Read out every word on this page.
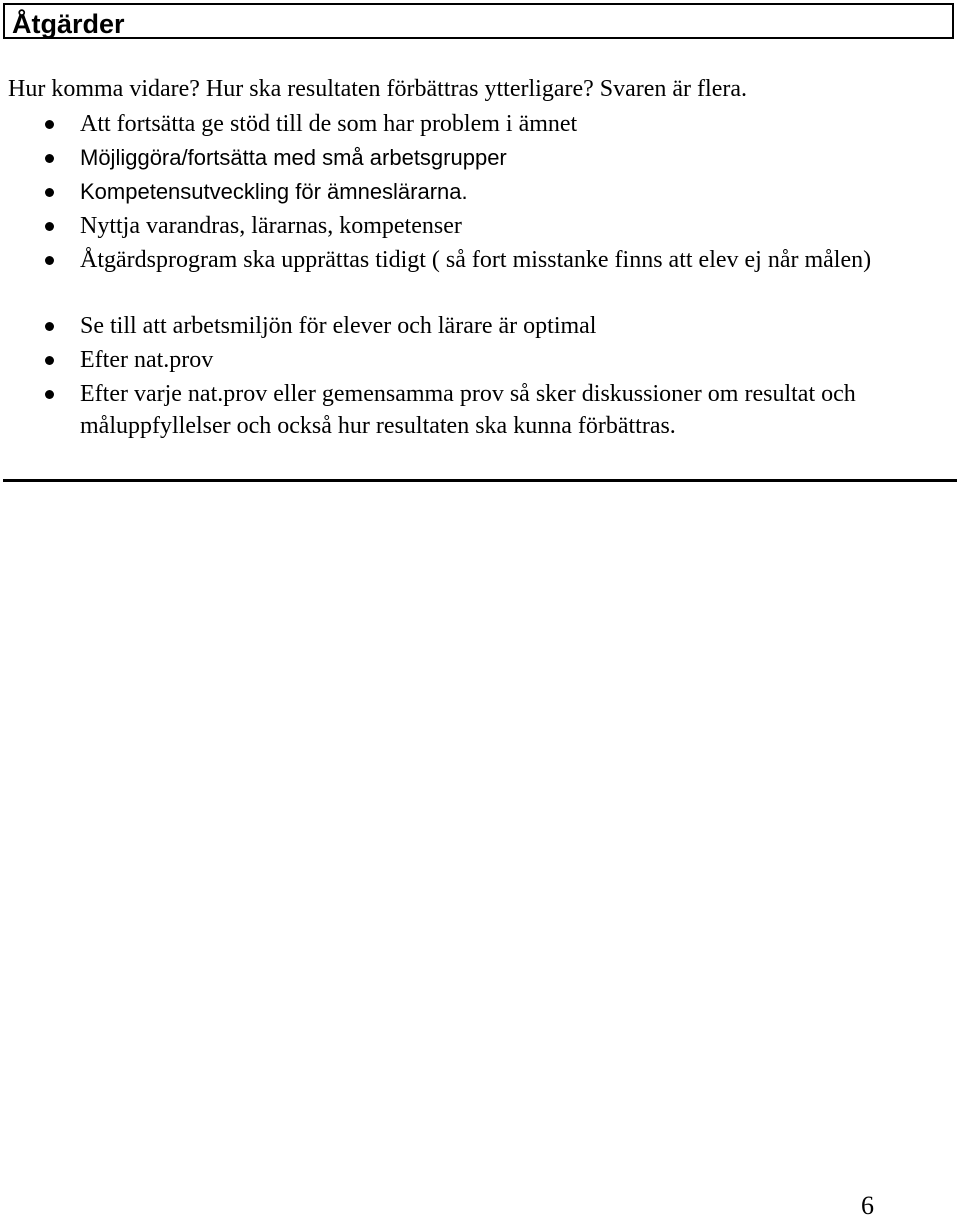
Åtgärder
Hur komma vidare? Hur ska resultaten förbättras ytterligare? Svaren är flera.
Att fortsätta ge stöd till de som har problem i ämnet
Möjliggöra/fortsätta med små arbetsgrupper
Kompetensutveckling för ämneslärarna.
Nyttja varandras, lärarnas, kompetenser
Åtgärdsprogram ska upprättas tidigt ( så fort misstanke finns att elev ej når målen)
Se till att arbetsmiljön för elever och lärare är optimal
Efter nat.prov
Efter varje nat.prov eller gemensamma prov så sker diskussioner om resultat och måluppfyllelser och också hur resultaten ska kunna förbättras.
6
